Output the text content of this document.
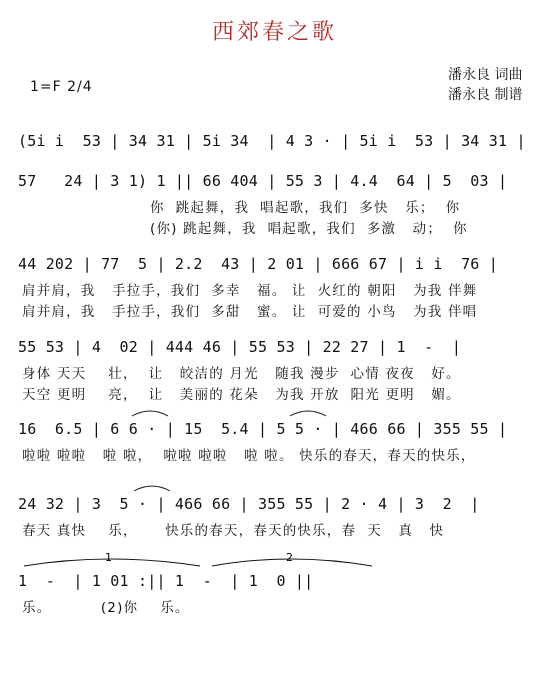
西郊春之歌
1=F 2/4
潘永良 词曲
潘永良 制谱
(5i i  53 | 34 31 | 5i 34  | 4 3 · | 5i i  53 | 34 31 |
57   24 | 3 1) 1 || 66 404 | 55 3 | 4.4  64 | 5  03 |
你  跳起舞，我  唱起歌，我们  多快   乐；  你
(你) 跳起舞，我  唱起歌，我们  多激   动；  你
44 202 | 77  5 | 2.2  43 | 2 01 | 666 67 | i i  76 |
肩并肩，我   手拉手，我们  多幸   福。 让  火红的 朝阳   为我 伴舞
肩并肩，我   手拉手，我们  多甜   蜜。 让  可爱的 小鸟   为我 伴唱
55 53 | 4  02 | 444 46 | 55 53 | 22 27 | 1  -  |
身体 天天    壮，  让   皎洁的 月光   随我 漫步  心情 夜夜   好。
天空 更明    亮，  让   美丽的 花朵   为我 开放  阳光 更明   媚。
16  6.5 | 6 6 · | 15  5.4 | 5 5 · | 466 66 | 355 55 |
啦啦 啦啦   啦 啦，  啦啦 啦啦   啦 啦。 快乐的春天，春天的快乐，
24 32 | 3  5 · | 466 66 | 355 55 | 2 · 4 | 3  2  |
春天 真快    乐，     快乐的春天，春天的快乐，春  天   真   快
1  -  | 1 01 :|| 1  -  | 1  0 ||
乐。         (2)你    乐。
1	2
